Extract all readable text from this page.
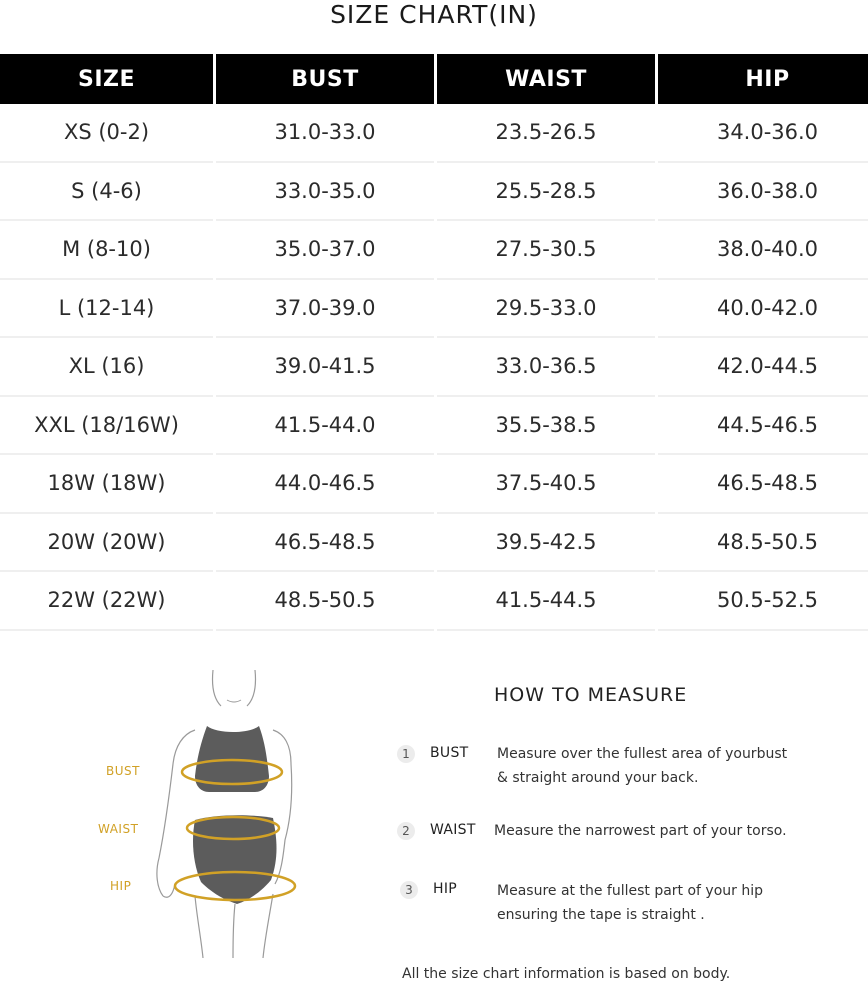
SIZE CHART(IN)
SIZE	BUST	WAIST	HIP
XS (0-2)	31.0-33.0	23.5-26.5	34.0-36.0
S (4-6)	33.0-35.0	25.5-28.5	36.0-38.0
M (8-10)	35.0-37.0	27.5-30.5	38.0-40.0
L (12-14)	37.0-39.0	29.5-33.0	40.0-42.0
XL (16)	39.0-41.5	33.0-36.5	42.0-44.5
XXL (18/16W)	41.5-44.0	35.5-38.5	44.5-46.5
18W (18W)	44.0-46.5	37.5-40.5	46.5-48.5
20W (20W)	46.5-48.5	39.5-42.5	48.5-50.5
22W (22W)	48.5-50.5	41.5-44.5	50.5-52.5
BUST
WAIST
HIP
HOW TO MEASURE
1	BUST Measure over the fullest area of yourbust
& straight around your back.
2	WAIST Measure the narrowest part of your torso.
3	HIP	Measure at the fullest part of your hip
ensuring the tape is straight .
All the size chart information is based on body.
